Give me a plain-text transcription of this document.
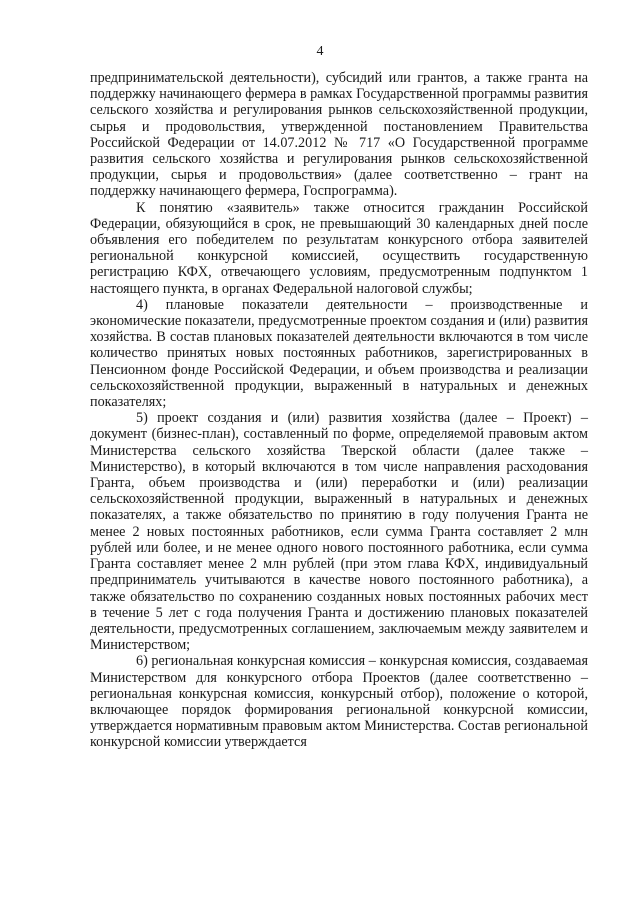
4

предпринимательской деятельности), субсидий или грантов, а также гранта на поддержку начинающего фермера в рамках Государственной программы развития сельского хозяйства и регулирования рынков сельскохозяйственной продукции, сырья и продовольствия, утвержденной постановлением Правительства Российской Федерации от 14.07.2012 № 717 «О Государственной программе развития сельского хозяйства и регулирования рынков сельскохозяйственной продукции, сырья и продовольствия» (далее соответственно – грант на поддержку начинающего фермера, Госпрограмма).

К понятию «заявитель» также относится гражданин Российской Федерации, обязующийся в срок, не превышающий 30 календарных дней после объявления его победителем по результатам конкурсного отбора заявителей региональной конкурсной комиссией, осуществить государственную регистрацию КФХ, отвечающего условиям, предусмотренным подпунктом 1 настоящего пункта, в органах Федеральной налоговой службы;

4) плановые показатели деятельности – производственные и экономические показатели, предусмотренные проектом создания и (или) развития хозяйства. В состав плановых показателей деятельности включаются в том числе количество принятых новых постоянных работников, зарегистрированных в Пенсионном фонде Российской Федерации, и объем производства и реализации сельскохозяйственной продукции, выраженный в натуральных и денежных показателях;

5) проект создания и (или) развития хозяйства (далее – Проект) – документ (бизнес-план), составленный по форме, определяемой правовым актом Министерства сельского хозяйства Тверской области (далее также – Министерство), в который включаются в том числе направления расходования Гранта, объем производства и (или) переработки и (или) реализации сельскохозяйственной продукции, выраженный в натуральных и денежных показателях, а также обязательство по принятию в году получения Гранта не менее 2 новых постоянных работников, если сумма Гранта составляет 2 млн рублей или более, и не менее одного нового постоянного работника, если сумма Гранта составляет менее 2 млн рублей (при этом глава КФХ, индивидуальный предприниматель учитываются в качестве нового постоянного работника), а также обязательство по сохранению созданных новых постоянных рабочих мест в течение 5 лет с года получения Гранта и достижению плановых показателей деятельности, предусмотренных соглашением, заключаемым между заявителем и Министерством;

6) региональная конкурсная комиссия – конкурсная комиссия, создаваемая Министерством для конкурсного отбора Проектов (далее соответственно – региональная конкурсная комиссия, конкурсный отбор), положение о которой, включающее порядок формирования региональной конкурсной комиссии, утверждается нормативным правовым актом Министерства. Состав региональной конкурсной комиссии утверждается
